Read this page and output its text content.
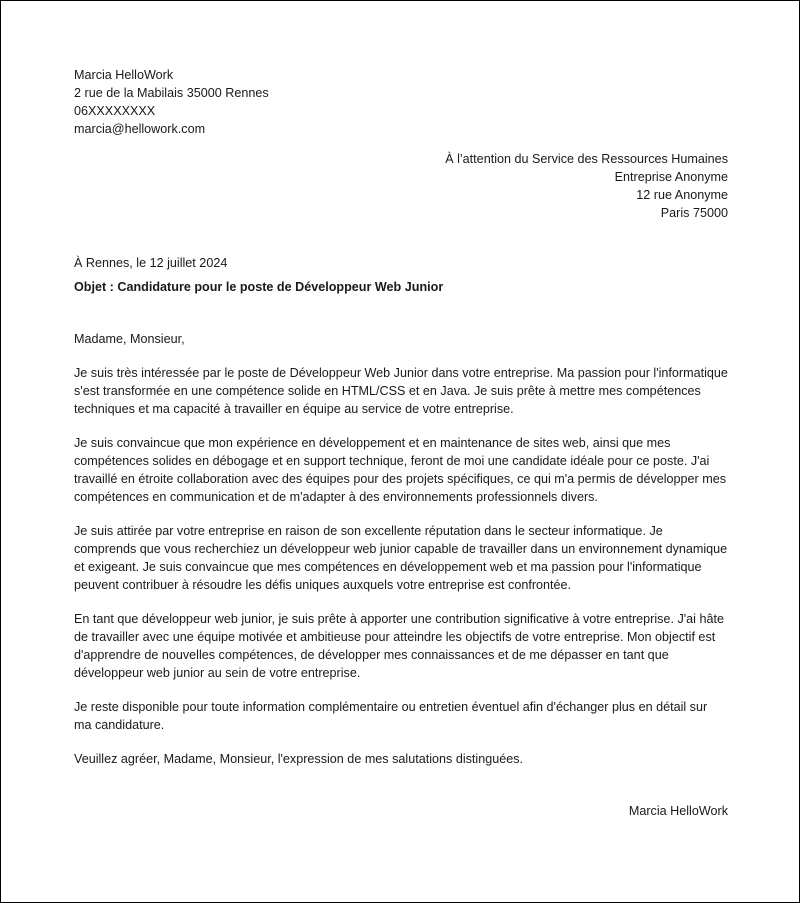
Marcia HelloWork
2 rue de la Mabilais 35000 Rennes
06XXXXXXXX
marcia@hellowork.com
À l’attention du Service des Ressources Humaines
Entreprise Anonyme
12 rue Anonyme
Paris 75000
À Rennes, le 12 juillet 2024
Objet : Candidature pour le poste de Développeur Web Junior
Madame, Monsieur,

Je suis très intéressée par le poste de Développeur Web Junior dans votre entreprise. Ma passion pour l'informatique s'est transformée en une compétence solide en HTML/CSS et en Java. Je suis prête à mettre mes compétences techniques et ma capacité à travailler en équipe au service de votre entreprise.

Je suis convaincue que mon expérience en développement et en maintenance de sites web, ainsi que mes compétences solides en débogage et en support technique, feront de moi une candidate idéale pour ce poste. J'ai travaillé en étroite collaboration avec des équipes pour des projets spécifiques, ce qui m'a permis de développer mes compétences en communication et de m'adapter à des environnements professionnels divers.

Je suis attirée par votre entreprise en raison de son excellente réputation dans le secteur informatique. Je comprends que vous recherchiez un développeur web junior capable de travailler dans un environnement dynamique et exigeant. Je suis convaincue que mes compétences en développement web et ma passion pour l'informatique peuvent contribuer à résoudre les défis uniques auxquels votre entreprise est confrontée.

En tant que développeur web junior, je suis prête à apporter une contribution significative à votre entreprise. J'ai hâte de travailler avec une équipe motivée et ambitieuse pour atteindre les objectifs de votre entreprise. Mon objectif est d'apprendre de nouvelles compétences, de développer mes connaissances et de me dépasser en tant que développeur web junior au sein de votre entreprise.

Je reste disponible pour toute information complémentaire ou entretien éventuel afin d'échanger plus en détail sur ma candidature.

Veuillez agréer, Madame, Monsieur, l'expression de mes salutations distinguées.
Marcia HelloWork
